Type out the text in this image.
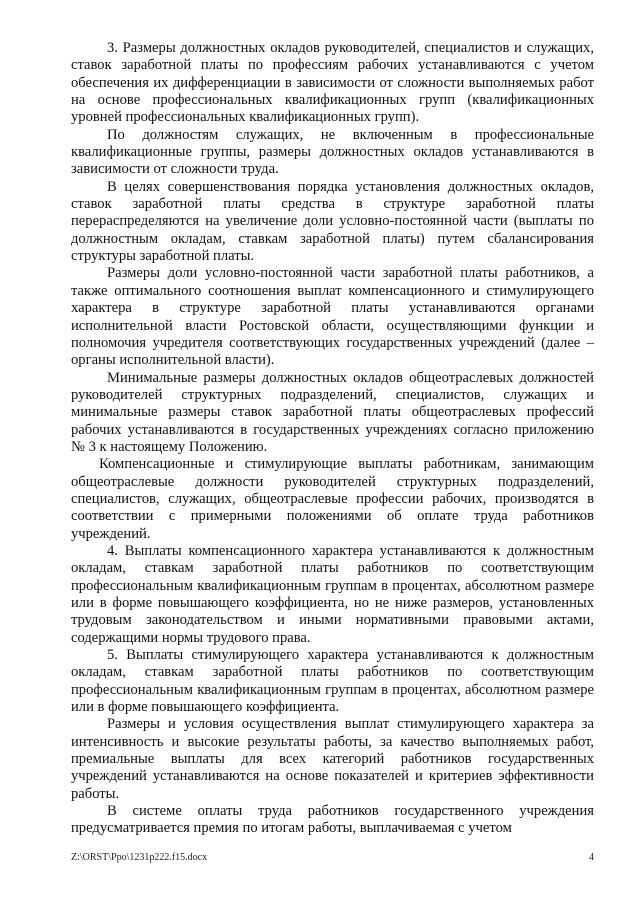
3. Размеры должностных окладов руководителей, специалистов и служащих, ставок заработной платы по профессиям рабочих устанавливаются с учетом обеспечения их дифференциации в зависимости от сложности выполняемых работ на основе профессиональных квалификационных групп (квалификационных уровней профессиональных квалификационных групп).

По должностям служащих, не включенным в профессиональные квалификационные группы, размеры должностных окладов устанавливаются в зависимости от сложности труда.

В целях совершенствования порядка установления должностных окладов, ставок заработной платы средства в структуре заработной платы перераспределяются на увеличение доли условно-постоянной части (выплаты по должностным окладам, ставкам заработной платы) путем сбалансирования структуры заработной платы.

Размеры доли условно-постоянной части заработной платы работников, а также оптимального соотношения выплат компенсационного и стимулирующего характера в структуре заработной платы устанавливаются органами исполнительной власти Ростовской области, осуществляющими функции и полномочия учредителя соответствующих государственных учреждений (далее – органы исполнительной власти).

Минимальные размеры должностных окладов общеотраслевых должностей руководителей структурных подразделений, специалистов, служащих и минимальные размеры ставок заработной платы общеотраслевых профессий рабочих устанавливаются в государственных учреждениях согласно приложению № 3 к настоящему Положению.

Компенсационные и стимулирующие выплаты работникам, занимающим общеотраслевые должности руководителей структурных подразделений, специалистов, служащих, общеотраслевые профессии рабочих, производятся в соответствии с примерными положениями об оплате труда работников учреждений.

4. Выплаты компенсационного характера устанавливаются к должностным окладам, ставкам заработной платы работников по соответствующим профессиональным квалификационным группам в процентах, абсолютном размере или в форме повышающего коэффициента, но не ниже размеров, установленных трудовым законодательством и иными нормативными правовыми актами, содержащими нормы трудового права.

5. Выплаты стимулирующего характера устанавливаются к должностным окладам, ставкам заработной платы работников по соответствующим профессиональным квалификационным группам в процентах, абсолютном размере или в форме повышающего коэффициента.

Размеры и условия осуществления выплат стимулирующего характера за интенсивность и высокие результаты работы, за качество выполняемых работ, премиальные выплаты для всех категорий работников государственных учреждений устанавливаются на основе показателей и критериев эффективности работы.

В системе оплаты труда работников государственного учреждения предусматривается премия по итогам работы, выплачиваемая с учетом

Z:\ORST\Ppo\1231p222.f15.docx	4
